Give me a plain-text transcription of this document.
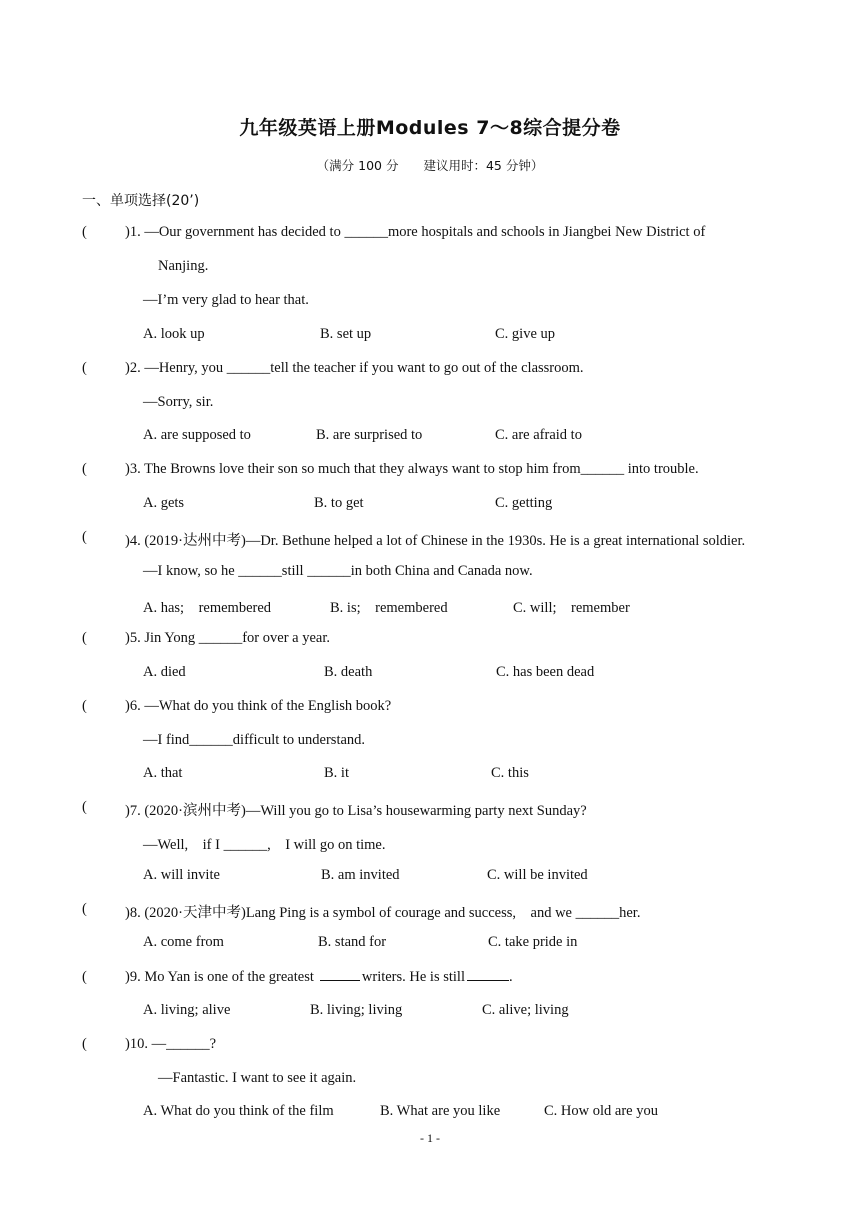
九年级英语上册Modules 7～8综合提分卷
（满分 100 分　　建议用时：45 分钟）
一、单项选择(20’)
(	)1. —Our government has decided to ______more hospitals and schools in Jiangbei New District of
Nanjing.
—I’m very glad to hear that.
A. look up	B. set up	C. give up
(	)2. —Henry, you ______tell the teacher if you want to go out of the classroom.
—Sorry, sir.
A. are supposed to	B. are surprised to	C. are afraid to
(	)3. The Browns love their son so much that they always want to stop him from______ into trouble.
A. gets	B. to get	C. getting
(	)4. (2019·达州中考)—Dr. Bethune helped a lot of Chinese in the 1930s. He is a great international soldier.
—I know, so he ______still ______in both China and Canada now.
A. has;　remembered	B. is;　remembered	C. will;　remember
(	)5. Jin Yong ______for over a year.
A. died	B. death	C. has been dead
(	)6. —What do you think of the English book?
—I find______difficult to understand.
A. that	B. it	C. this
(	)7. (2020·滨州中考)—Will you go to Lisa’s housewarming party next Sunday?
—Well,　if I ______,　I will go on time.
A. will invite	B. am invited	C. will be invited
(	)8. (2020·天津中考)Lang Ping is a symbol of courage and success,　and we ______her.
A. come from	B. stand for	C. take pride in
(	)9. Mo Yan is one of the greatest	writers. He is still	.
A. living; alive	B. living; living	C. alive; living
(	)10. —______?
—Fantastic. I want to see it again.
A. What do you think of the film	B. What are you like	C. How old are you
- 1 -
